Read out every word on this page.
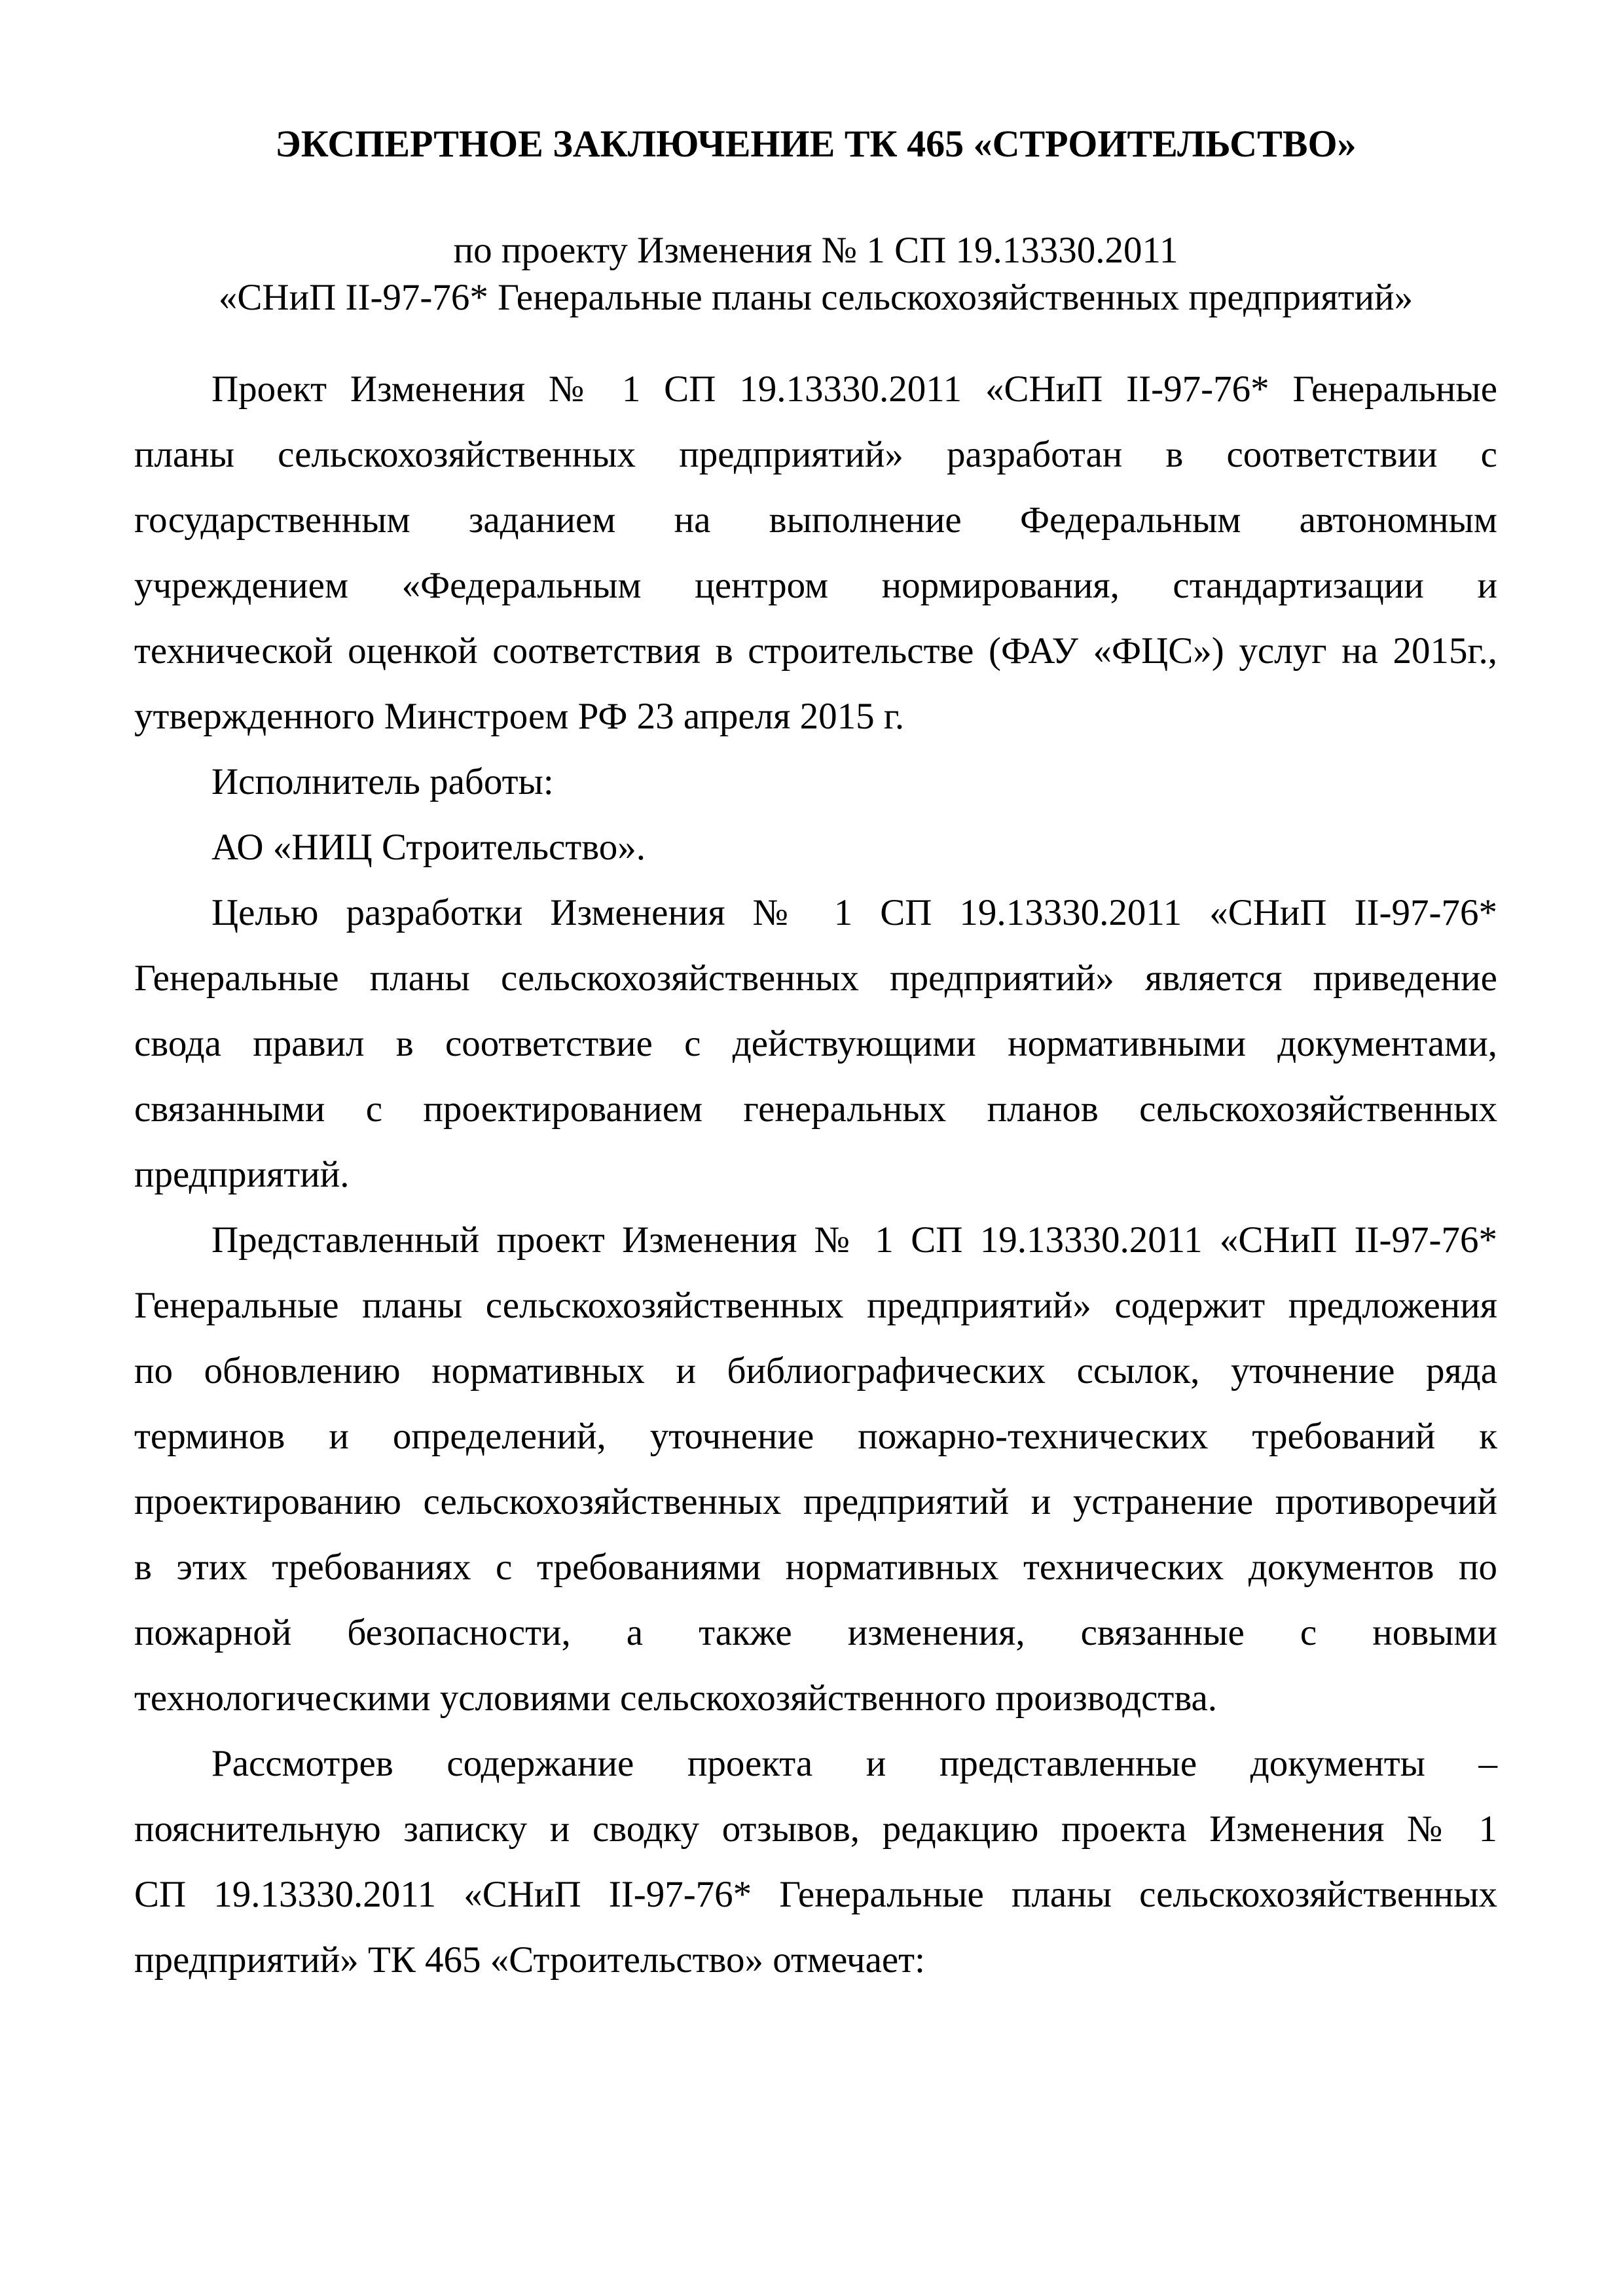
ЭКСПЕРТНОЕ ЗАКЛЮЧЕНИЕ ТК 465 «СТРОИТЕЛЬСТВО»
по проекту Изменения № 1 СП 19.13330.2011
«СНиП II-97-76* Генеральные планы сельскохозяйственных предприятий»
Проект Изменения № 1 СП 19.13330.2011 «СНиП II-97-76* Генеральные
планы сельскохозяйственных предприятий» разработан в соответствии с
государственным заданием на выполнение Федеральным автономным
учреждением «Федеральным центром нормирования, стандартизации и
технической оценкой соответствия в строительстве (ФАУ «ФЦС») услуг на 2015г.,
утвержденного Минстроем РФ 23 апреля 2015 г.
Исполнитель работы:
АО «НИЦ Строительство».
Целью разработки Изменения № 1 СП 19.13330.2011 «СНиП II-97-76*
Генеральные планы сельскохозяйственных предприятий» является приведение
свода правил в соответствие с действующими нормативными документами,
связанными с проектированием генеральных планов сельскохозяйственных
предприятий.
Представленный проект Изменения № 1 СП 19.13330.2011 «СНиП II-97-76*
Генеральные планы сельскохозяйственных предприятий» содержит предложения
по обновлению нормативных и библиографических ссылок, уточнение ряда
терминов и определений, уточнение пожарно-технических требований к
проектированию сельскохозяйственных предприятий и устранение противоречий
в этих требованиях с требованиями нормативных технических документов по
пожарной безопасности, а также изменения, связанные с новыми
технологическими условиями сельскохозяйственного производства.
Рассмотрев содержание проекта и представленные документы –
пояснительную записку и сводку отзывов, редакцию проекта Изменения № 1
СП 19.13330.2011 «СНиП II-97-76* Генеральные планы сельскохозяйственных
предприятий» ТК 465 «Строительство» отмечает:
